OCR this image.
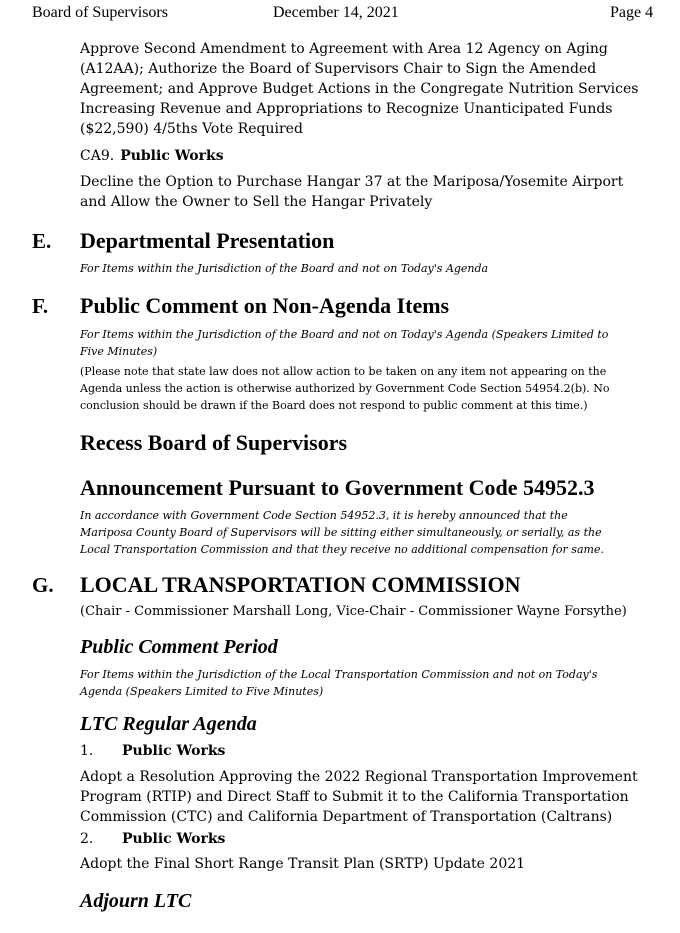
Board of Supervisors	December 14, 2021	Page 4
Approve Second Amendment to Agreement with Area 12 Agency on Aging
(A12AA); Authorize the Board of Supervisors Chair to Sign the Amended
Agreement; and Approve Budget Actions in the Congregate Nutrition Services
Increasing Revenue and Appropriations to Recognize Unanticipated Funds
($22,590) 4/5ths Vote Required
CA9. Public Works
Decline the Option to Purchase Hangar 37 at the Mariposa/Yosemite Airport
and Allow the Owner to Sell the Hangar Privately
E. Departmental Presentation
For Items within the Jurisdiction of the Board and not on Today's Agenda
F. Public Comment on Non-Agenda Items
For Items within the Jurisdiction of the Board and not on Today's Agenda (Speakers Limited to
Five Minutes)
(Please note that state law does not allow action to be taken on any item not appearing on the
Agenda unless the action is otherwise authorized by Government Code Section 54954.2(b). No
conclusion should be drawn if the Board does not respond to public comment at this time.)
Recess Board of Supervisors
Announcement Pursuant to Government Code 54952.3
In accordance with Government Code Section 54952.3, it is hereby announced that the
Mariposa County Board of Supervisors will be sitting either simultaneously, or serially, as the
Local Transportation Commission and that they receive no additional compensation for same.
G. LOCAL TRANSPORTATION COMMISSION
(Chair - Commissioner Marshall Long, Vice-Chair - Commissioner Wayne Forsythe)
Public Comment Period
For Items within the Jurisdiction of the Local Transportation Commission and not on Today's
Agenda (Speakers Limited to Five Minutes)
LTC Regular Agenda
1. Public Works
Adopt a Resolution Approving the 2022 Regional Transportation Improvement
Program (RTIP) and Direct Staff to Submit it to the California Transportation
Commission (CTC) and California Department of Transportation (Caltrans)
2. Public Works
Adopt the Final Short Range Transit Plan (SRTP) Update 2021
Adjourn LTC
